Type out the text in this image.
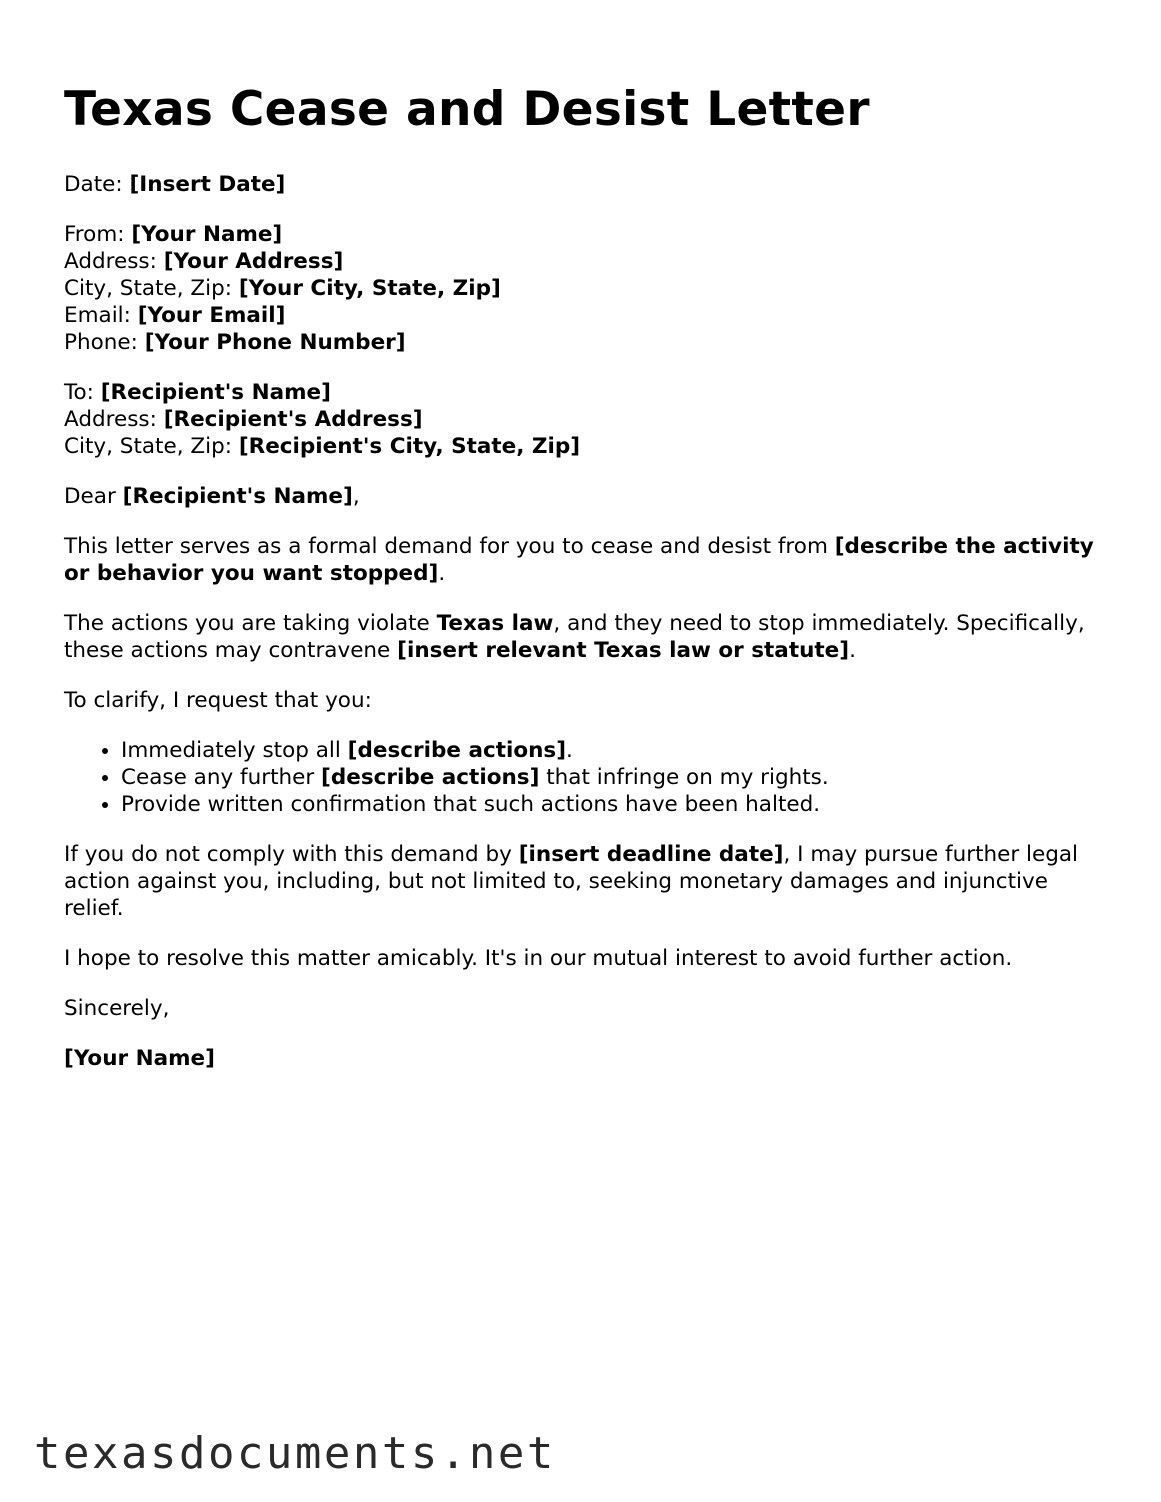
Texas Cease and Desist Letter

Date: [Insert Date]

From: [Your Name]
Address: [Your Address]
City, State, Zip: [Your City, State, Zip]
Email: [Your Email]
Phone: [Your Phone Number]
To: [Recipient's Name]
Address: [Recipient's Address]
City, State, Zip: [Recipient's City, State, Zip]

Dear [Recipient's Name],

This letter serves as a formal demand for you to cease and desist from [describe the activity or behavior you want stopped].

The actions you are taking violate Texas law, and they need to stop immediately. Specifically, these actions may contravene [insert relevant Texas law or statute].

To clarify, I request that you:

• Immediately stop all [describe actions].
• Cease any further [describe actions] that infringe on my rights.
• Provide written confirmation that such actions have been halted.

If you do not comply with this demand by [insert deadline date], I may pursue further legal action against you, including, but not limited to, seeking monetary damages and injunctive relief.

I hope to resolve this matter amicably. It's in our mutual interest to avoid further action.

Sincerely,

[Your Name]

texasdocuments.net
